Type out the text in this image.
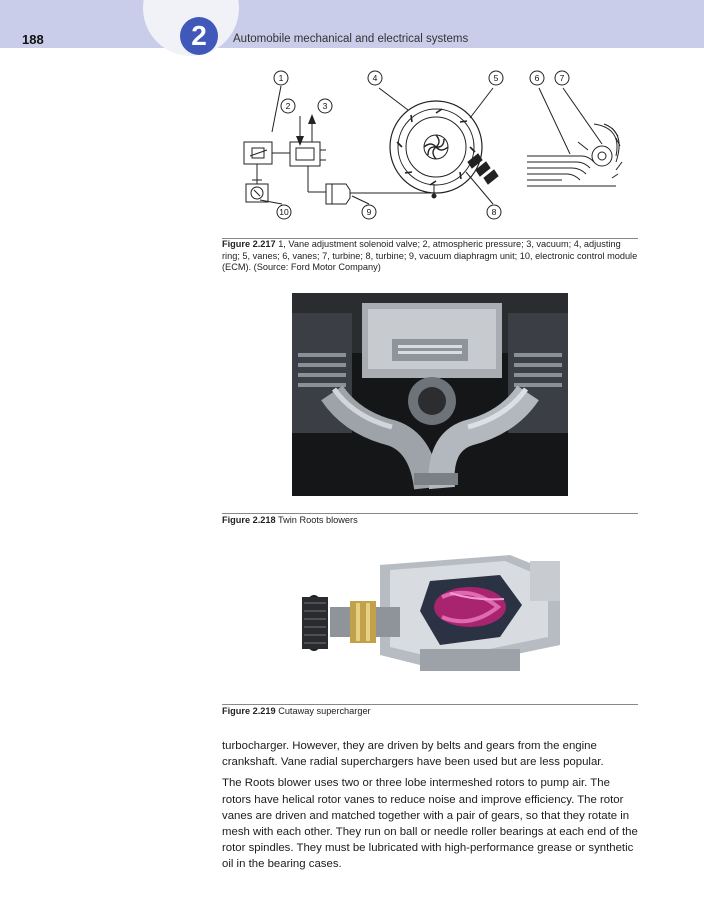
188	2	Automobile mechanical and electrical systems
1
2	3
4	5	6 7
8
9
10
Figure 2.217 1, Vane adjustment solenoid valve; 2, atmospheric pressure; 3, vacuum; 4, adjusting ring; 5, vanes; 6, vanes; 7, turbine; 8, turbine; 9, vacuum diaphragm unit; 10, electronic control module (ECM). (Source: Ford Motor Company)
Figure 2.218 Twin Roots blowers
Figure 2.219 Cutaway supercharger

turbocharger. However, they are driven by belts and gears from the engine crankshaft. Vane radial superchargers have been used but are less popular.

The Roots blower uses two or three lobe intermeshed rotors to pump air. The rotors have helical rotor vanes to reduce noise and improve efficiency. The rotor vanes are driven and matched together with a pair of gears, so that they rotate in mesh with each other. They run on ball or needle roller bearings at each end of the rotor spindles. They must be lubricated with high-performance grease or synthetic oil in the bearing cases.
